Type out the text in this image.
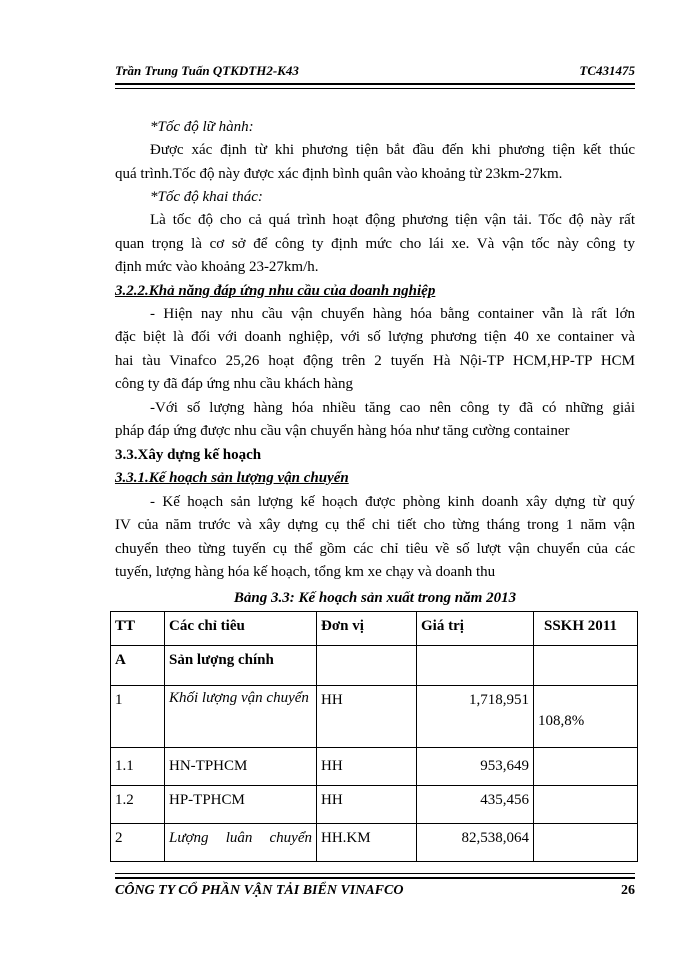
Trần Trung Tuấn QTKDTH2-K43	TC431475
*Tốc độ lữ hành:
Được xác định từ khi phương tiện bắt đầu đến khi phương tiện kết thúc
quá trình.Tốc độ này được xác định bình quân vào khoảng từ 23km-27km.
*Tốc độ khai thác:
Là tốc độ cho cả quá trình hoạt động phương tiện vận tải. Tốc độ này rất
quan trọng là cơ sở để công ty định mức cho lái xe. Và vận tốc này công ty
định mức vào khoảng 23-27km/h.
3.2.2.Khả năng đáp ứng nhu cầu của doanh nghiệp
- Hiện nay nhu cầu vận chuyển hàng hóa bằng container vẫn là rất lớn
đặc biệt là đối với doanh nghiệp, với số lượng phương tiện 40 xe container và
hai tàu Vinafco 25,26 hoạt động trên 2 tuyến Hà Nội-TP HCM,HP-TP HCM
công ty đã đáp ứng nhu cầu khách hàng
-Với số lượng hàng hóa nhiều tăng cao nên công ty đã có những giải
pháp đáp ứng được nhu cầu vận chuyển hàng hóa như tăng cường container
3.3.Xây dựng kế hoạch
3.3.1.Kế hoạch sản lượng vận chuyển
- Kế hoạch sản lượng kế hoạch được phòng kinh doanh xây dựng từ quý
IV của năm trước và xây dựng cụ thể chi tiết cho từng tháng trong 1 năm vận
chuyển theo từng tuyến cụ thể gồm các chỉ tiêu về số lượt vận chuyển của các
tuyến, lượng hàng hóa kế hoạch, tổng km xe chạy và doanh thu
Bảng 3.3: Kế hoạch sản xuất trong năm 2013
TT	Các chỉ tiêu	Đơn vị	Giá trị	SSKH 2011
A	Sản lượng chính			
1	Khối lượng vận chuyển	HH	1,718,951	108,8%
1.1	HN-TPHCM	HH	953,649	
1.2	HP-TPHCM	HH	435,456	
2	Lượng luân chuyển	HH.KM	82,538,064	
CÔNG TY CỔ PHẦN VẬN TẢI BIỂN VINAFCO	26
